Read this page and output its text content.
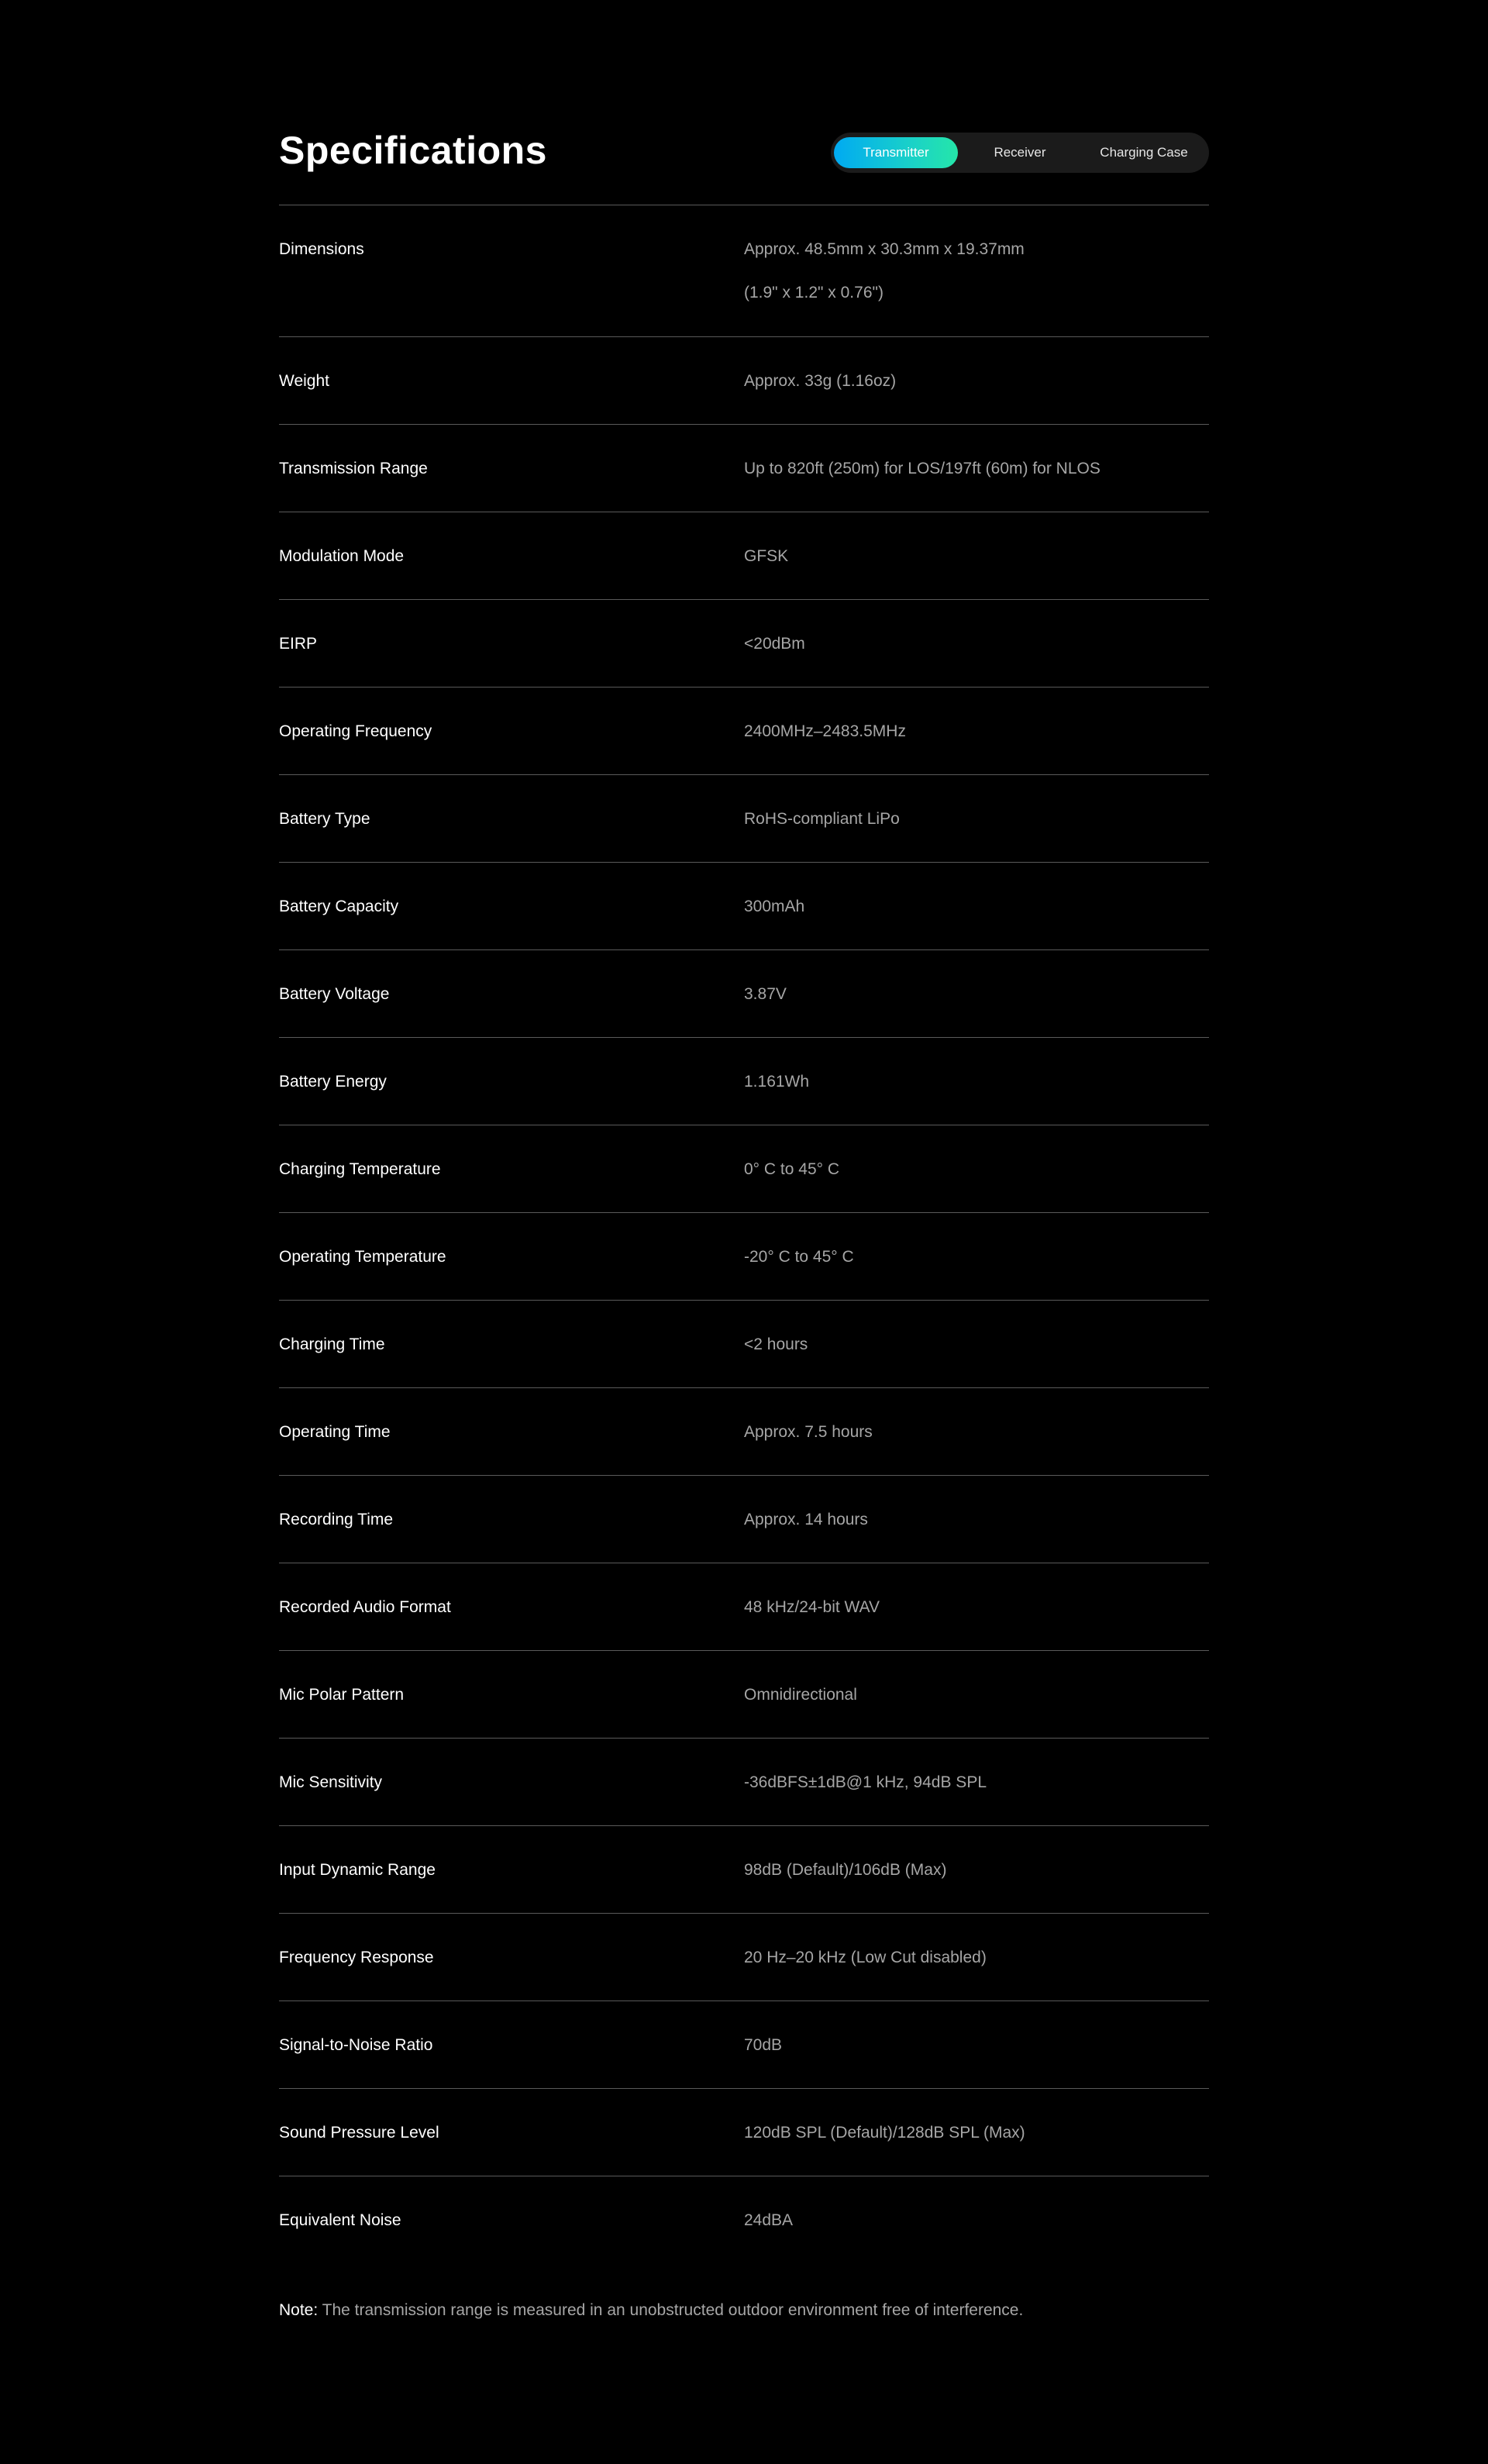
Specifications	Transmitter	Receiver	Charging Case
Dimensions	Approx. 48.5mm x 30.3mm x 19.37mm
(1.9" x 1.2" x 0.76")
Weight	Approx. 33g (1.16oz)
Transmission Range	Up to 820ft (250m) for LOS/197ft (60m) for NLOS
Modulation Mode	GFSK
EIRP	<20dBm
Operating Frequency	2400MHz–2483.5MHz
Battery Type	RoHS-compliant LiPo
Battery Capacity	300mAh
Battery Voltage	3.87V
Battery Energy	1.161Wh
Charging Temperature	0° C to 45° C
Operating Temperature	-20° C to 45° C
Charging Time	<2 hours
Operating Time	Approx. 7.5 hours
Recording Time	Approx. 14 hours
Recorded Audio Format	48 kHz/24-bit WAV
Mic Polar Pattern	Omnidirectional
Mic Sensitivity	-36dBFS±1dB@1 kHz, 94dB SPL
Input Dynamic Range	98dB (Default)/106dB (Max)
Frequency Response	20 Hz–20 kHz (Low Cut disabled)
Signal-to-Noise Ratio	70dB
Sound Pressure Level	120dB SPL (Default)/128dB SPL (Max)
Equivalent Noise	24dBA
Note: The transmission range is measured in an unobstructed outdoor environment free of interference.
